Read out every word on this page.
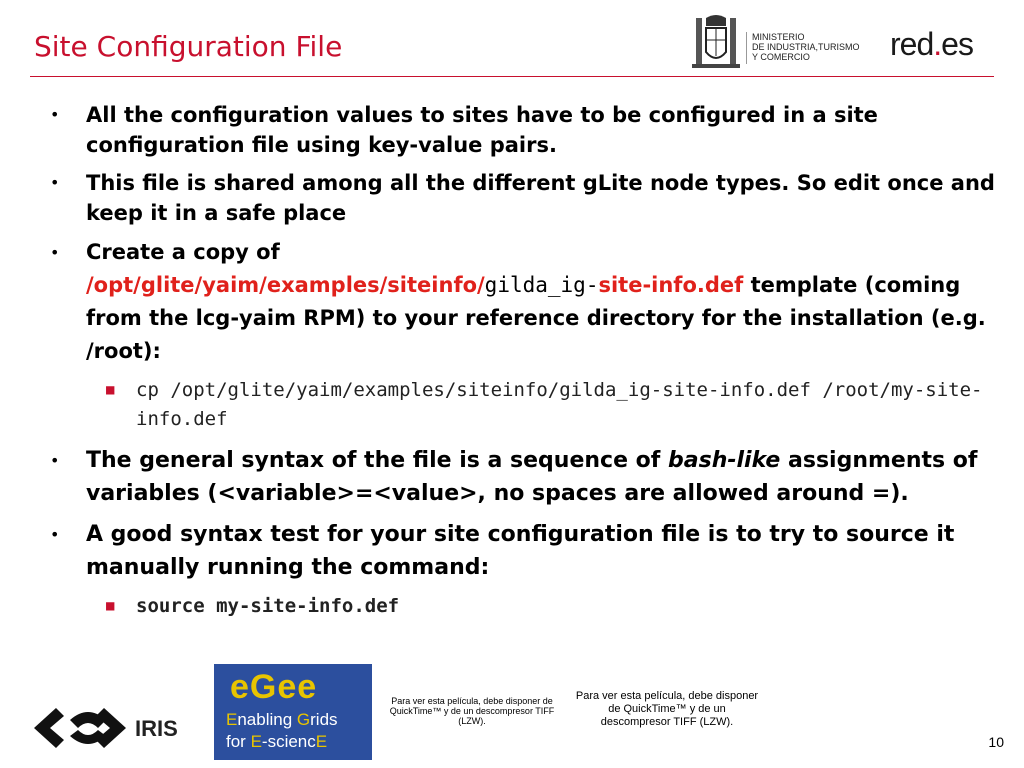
Site Configuration File	MINISTERIO
DE INDUSTRIA,TURISMO
Y COMERCIO	red.es
• All the configuration values to sites have to be configured in a site configuration file using key-value pairs.
• This file is shared among all the different gLite node types. So edit once and keep it in a safe place
• Create a copy of
/opt/glite/yaim/examples/siteinfo/gilda_ig-site-info.def template (coming from the lcg-yaim RPM) to your reference directory for the installation (e.g. /root):
■ cp /opt/glite/yaim/examples/siteinfo/gilda_ig-site-info.def /root/my-site-info.def
• The general syntax of the file is a sequence of bash-like assignments of variables (<variable>=<value>, no spaces are allowed around =).
• A good syntax test for your site configuration file is to try to source it manually running the command:
■ source my-site-info.def
IRIS
eGee
Enabling Grids
for E-sciencE
Para ver esta película, debe disponer de QuickTime™ y de un descompresor TIFF (LZW).
Para ver esta película, debe disponer de QuickTime™ y de un descompresor TIFF (LZW).
10
